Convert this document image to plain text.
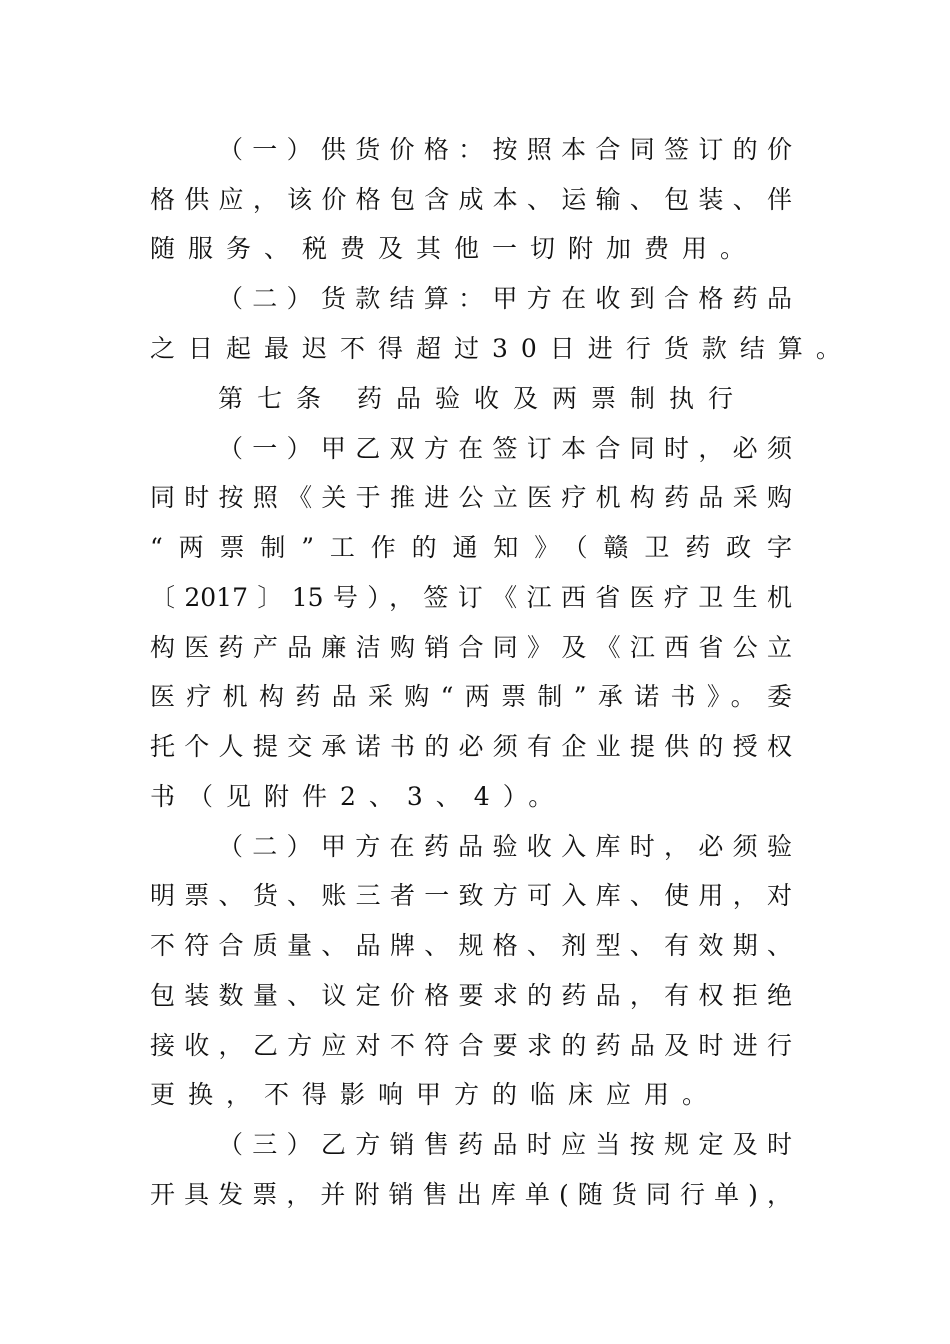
（一）供货价格：按照本合同签订的价
格供应，该价格包含成本、运输、包装、伴
随服务、税费及其他一切附加费用。
（二）货款结算：甲方在收到合格药品
之日起最迟不得超过30日进行货款结算。
第七条 药品验收及两票制执行
（一）甲乙双方在签订本合同时，必须
同时按照《关于推进公立医疗机构药品采购
“两票制”工作的通知》（赣卫药政字
〔2017〕15号），签订《江西省医疗卫生机
构医药产品廉洁购销合同》及《江西省公立
医疗机构药品采购“两票制”承诺书》。委
托个人提交承诺书的必须有企业提供的授权
书（见附件2、3、4）。
（二）甲方在药品验收入库时，必须验
明票、货、账三者一致方可入库、使用，对
不符合质量、品牌、规格、剂型、有效期、
包装数量、议定价格要求的药品，有权拒绝
接收，乙方应对不符合要求的药品及时进行
更换，不得影响甲方的临床应用。
（三）乙方销售药品时应当按规定及时
开具发票，并附销售出库单(随货同行单)，
